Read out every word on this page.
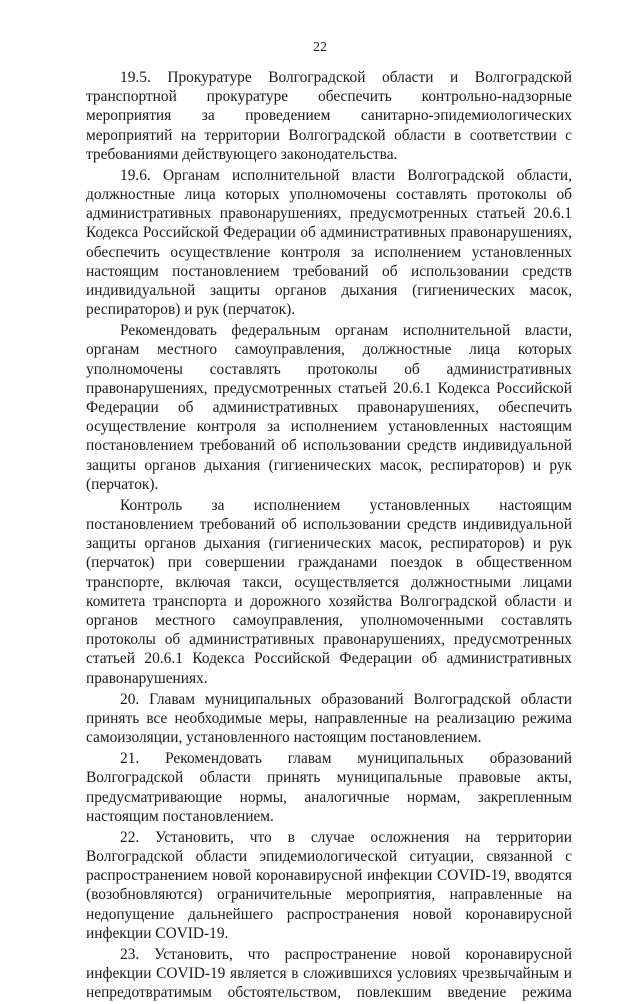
22

19.5. Прокуратуре Волгоградской области и Волгоградской транспортной прокуратуре обеспечить контрольно-надзорные мероприятия за проведением санитарно-эпидемиологических мероприятий на территории Волгоградской области в соответствии с требованиями действующего законодательства.

19.6. Органам исполнительной власти Волгоградской области, должностные лица которых уполномочены составлять протоколы об административных правонарушениях, предусмотренных статьей 20.6.1 Кодекса Российской Федерации об административных правонарушениях, обеспечить осуществление контроля за исполнением установленных настоящим постановлением требований об использовании средств индивидуальной защиты органов дыхания (гигиенических масок, респираторов) и рук (перчаток).

Рекомендовать федеральным органам исполнительной власти, органам местного самоуправления, должностные лица которых уполномочены составлять протоколы об административных правонарушениях, предусмотренных статьей 20.6.1 Кодекса Российской Федерации об административных правонарушениях, обеспечить осуществление контроля за исполнением установленных настоящим постановлением требований об использовании средств индивидуальной защиты органов дыхания (гигиенических масок, респираторов) и рук (перчаток).

Контроль за исполнением установленных настоящим постановлением требований об использовании средств индивидуальной защиты органов дыхания (гигиенических масок, респираторов) и рук (перчаток) при совершении гражданами поездок в общественном транспорте, включая такси, осуществляется должностными лицами комитета транспорта и дорожного хозяйства Волгоградской области и органов местного самоуправления, уполномоченными составлять протоколы об административных правонарушениях, предусмотренных статьей 20.6.1 Кодекса Российской Федерации об административных правонарушениях.

20. Главам муниципальных образований Волгоградской области принять все необходимые меры, направленные на реализацию режима самоизоляции, установленного настоящим постановлением.

21. Рекомендовать главам муниципальных образований Волгоградской области принять муниципальные правовые акты, предусматривающие нормы, аналогичные нормам, закрепленным настоящим постановлением.

22. Установить, что в случае осложнения на территории Волгоградской области эпидемиологической ситуации, связанной с распространением новой коронавирусной инфекции COVID-19, вводятся (возобновляются) ограничительные мероприятия, направленные на недопущение дальнейшего распространения новой коронавирусной инфекции COVID-19.

23. Установить, что распространение новой коронавирусной инфекции COVID-19 является в сложившихся условиях чрезвычайным и непредотвратимым обстоятельством, повлекшим введение режима
